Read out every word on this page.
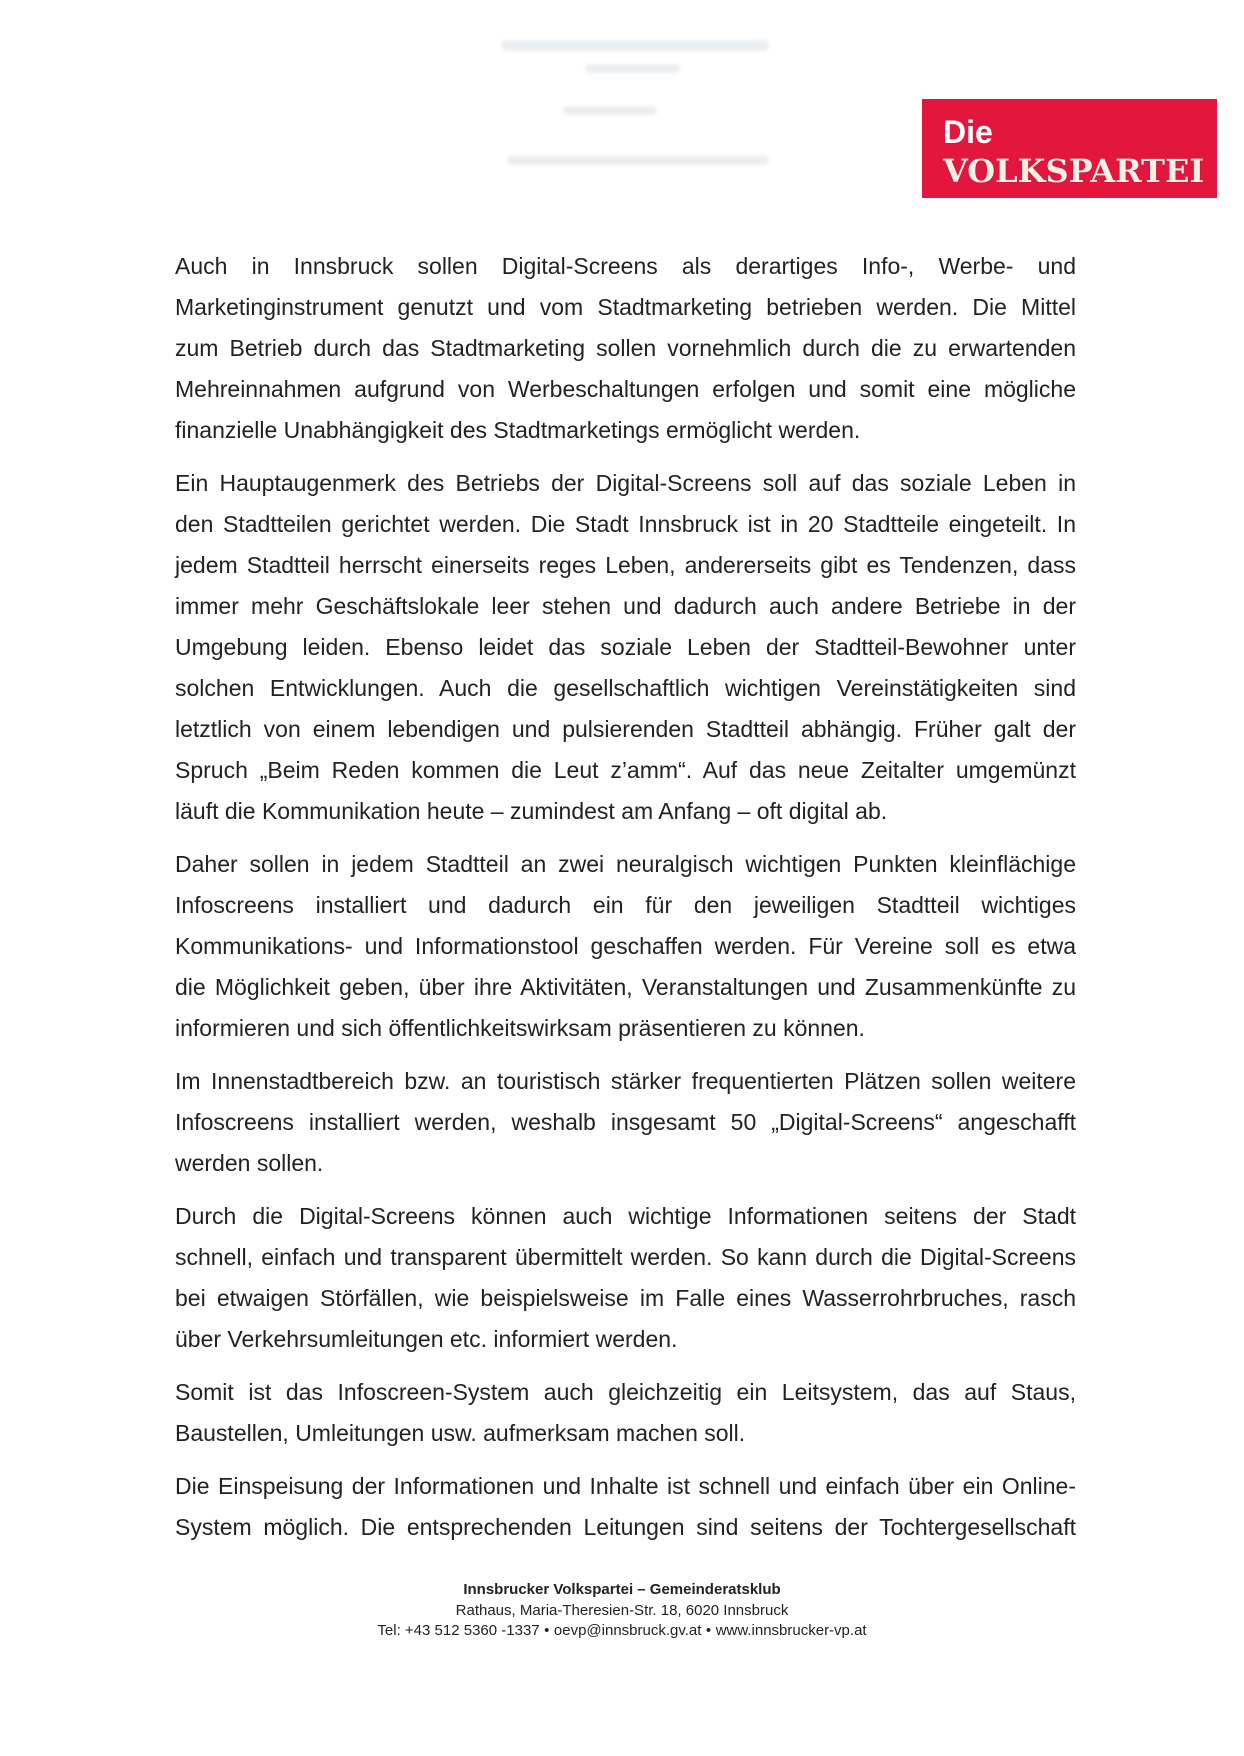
Die
VOLKSPARTEI

Auch in Innsbruck sollen Digital-Screens als derartiges Info-, Werbe- und
Marketinginstrument genutzt und vom Stadtmarketing betrieben werden. Die Mittel
zum Betrieb durch das Stadtmarketing sollen vornehmlich durch die zu erwartenden
Mehreinnahmen aufgrund von Werbeschaltungen erfolgen und somit eine mögliche
finanzielle Unabhängigkeit des Stadtmarketings ermöglicht werden.

Ein Hauptaugenmerk des Betriebs der Digital-Screens soll auf das soziale Leben in
den Stadtteilen gerichtet werden. Die Stadt Innsbruck ist in 20 Stadtteile eingeteilt. In
jedem Stadtteil herrscht einerseits reges Leben, andererseits gibt es Tendenzen, dass
immer mehr Geschäftslokale leer stehen und dadurch auch andere Betriebe in der
Umgebung leiden. Ebenso leidet das soziale Leben der Stadtteil-Bewohner unter
solchen Entwicklungen. Auch die gesellschaftlich wichtigen Vereinstätigkeiten sind
letztlich von einem lebendigen und pulsierenden Stadtteil abhängig. Früher galt der
Spruch „Beim Reden kommen die Leut z’amm“. Auf das neue Zeitalter umgemünzt
läuft die Kommunikation heute – zumindest am Anfang – oft digital ab.

Daher sollen in jedem Stadtteil an zwei neuralgisch wichtigen Punkten kleinflächige
Infoscreens installiert und dadurch ein für den jeweiligen Stadtteil wichtiges
Kommunikations- und Informationstool geschaffen werden. Für Vereine soll es etwa
die Möglichkeit geben, über ihre Aktivitäten, Veranstaltungen und Zusammenkünfte zu
informieren und sich öffentlichkeitswirksam präsentieren zu können.

Im Innenstadtbereich bzw. an touristisch stärker frequentierten Plätzen sollen weitere
Infoscreens installiert werden, weshalb insgesamt 50 „Digital-Screens“ angeschafft
werden sollen.

Durch die Digital-Screens können auch wichtige Informationen seitens der Stadt
schnell, einfach und transparent übermittelt werden. So kann durch die Digital-Screens
bei etwaigen Störfällen, wie beispielsweise im Falle eines Wasserrohrbruches, rasch
über Verkehrsumleitungen etc. informiert werden.

Somit ist das Infoscreen-System auch gleichzeitig ein Leitsystem, das auf Staus,
Baustellen, Umleitungen usw. aufmerksam machen soll.

Die Einspeisung der Informationen und Inhalte ist schnell und einfach über ein Online-
System möglich. Die entsprechenden Leitungen sind seitens der Tochtergesellschaft

Innsbrucker Volkspartei – Gemeinderatsklub
Rathaus, Maria-Theresien-Str. 18, 6020 Innsbruck
Tel: +43 512 5360 -1337 • oevp@innsbruck.gv.at • www.innsbrucker-vp.at
